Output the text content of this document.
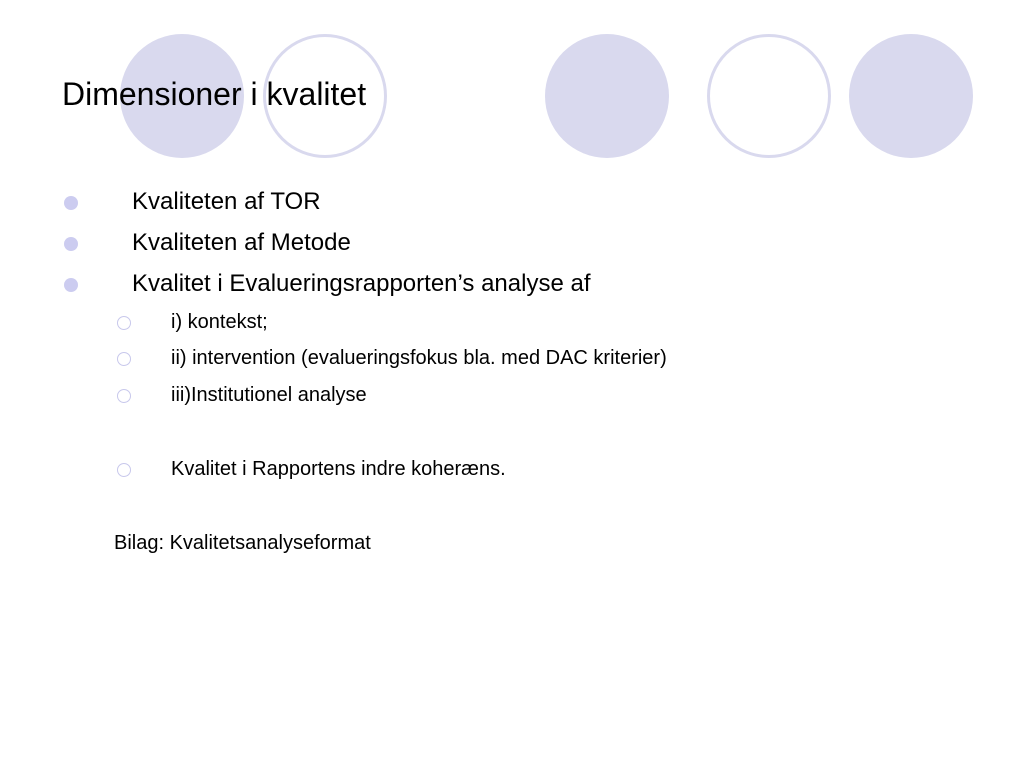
Dimensioner i kvalitet
Kvaliteten af TOR
Kvaliteten af Metode
Kvalitet i Evalueringsrapporten’s analyse af
i) kontekst;
ii) intervention (evalueringsfokus bla. med DAC kriterier)
iii)Institutionel analyse
Kvalitet i Rapportens indre koheræns.
Bilag: Kvalitetsanalyseformat
